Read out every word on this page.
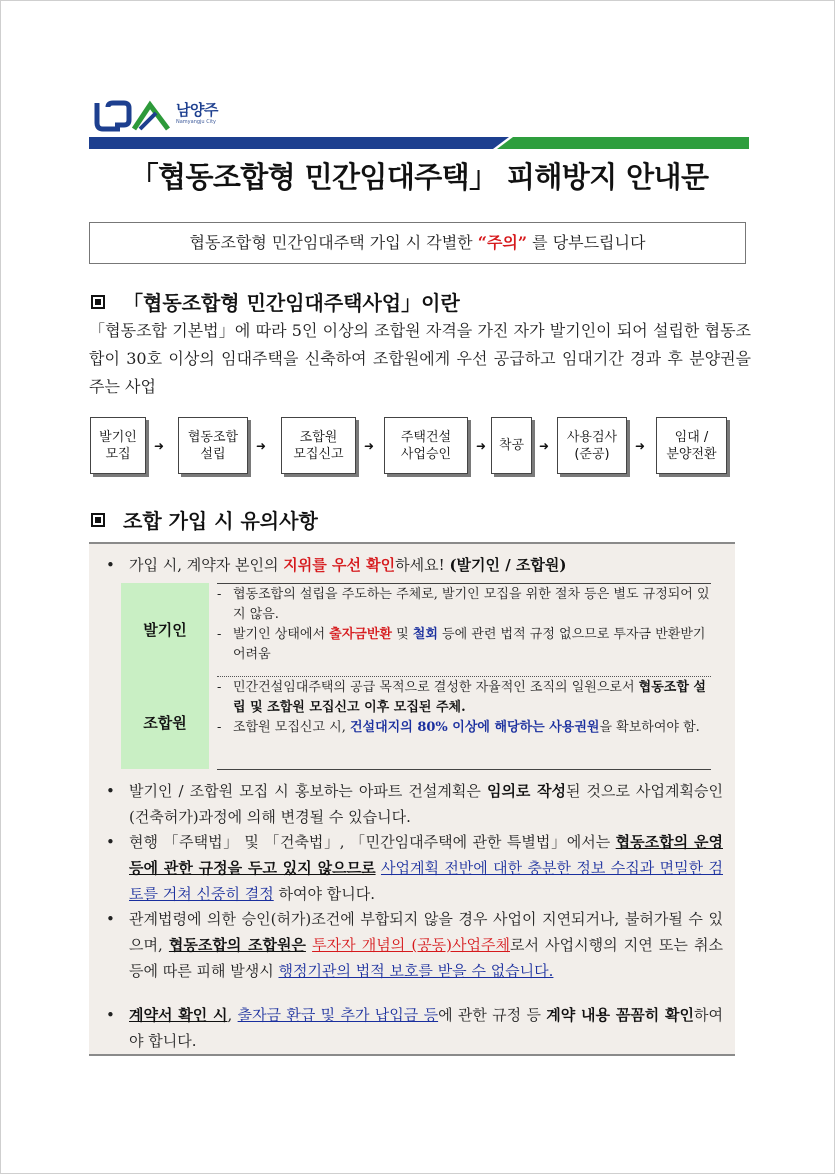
남양주
Namyangju City
「협동조합형 민간임대주택」 피해방지 안내문
협동조합형 민간임대주택 가입 시 각별한 “주의” 를 당부드립니다
「협동조합형 민간임대주택사업」이란
「협동조합 기본법」에 따라 5인 이상의 조합원 자격을 가진 자가 발기인이 되어 설립한 협동조합이 30호 이상의 임대주택을 신축하여 조합원에게 우선 공급하고 임대기간 경과 후 분양권을 주는 사업
발기인
모집
➜
협동조합
설립
➜
조합원
모집신고
➜
주택건설
사업승인
➜ 착공 ➜
사용검사
(준공)
➜
임대 /
분양전환
조합 가입 시 유의사항
• 가입 시, 계약자 본인의 지위를 우선 확인하세요! (발기인 / 조합원)
발기인
- 협동조합의 설립을 주도하는 주체로, 발기인 모집을 위한 절차 등은 별도 규정되어 있지 않음.
- 발기인 상태에서 출자금반환 및 철회 등에 관련 법적 규정 없으므로 투자금 반환받기 어려움
조합원
- 민간건설임대주택의 공급 목적으로 결성한 자율적인 조직의 일원으로서 협동조합 설립 및 조합원 모집신고 이후 모집된 주체.
- 조합원 모집신고 시, 건설대지의 80% 이상에 해당하는 사용권원을 확보하여야 함.
• 발기인 / 조합원 모집 시 홍보하는 아파트 건설계획은 임의로 작성된 것으로 사업계획승인(건축허가)과정에 의해 변경될 수 있습니다.
• 현행 「주택법」 및 「건축법」, 「민간임대주택에 관한 특별법」에서는 협동조합의 운영 등에 관한 규정을 두고 있지 않으므로 사업계획 전반에 대한 충분한 정보 수집과 면밀한 검토를 거쳐 신중히 결정 하여야 합니다.
• 관계법령에 의한 승인(허가)조건에 부합되지 않을 경우 사업이 지연되거나, 불허가될 수 있으며, 협동조합의 조합원은 투자자 개념의 (공동)사업주체로서 사업시행의 지연 또는 취소 등에 따른 피해 발생시 행정기관의 법적 보호를 받을 수 없습니다.
• 계약서 확인 시, 출자금 환급 및 추가 납입금 등에 관한 규정 등 계약 내용 꼼꼼히 확인하여야 합니다.
